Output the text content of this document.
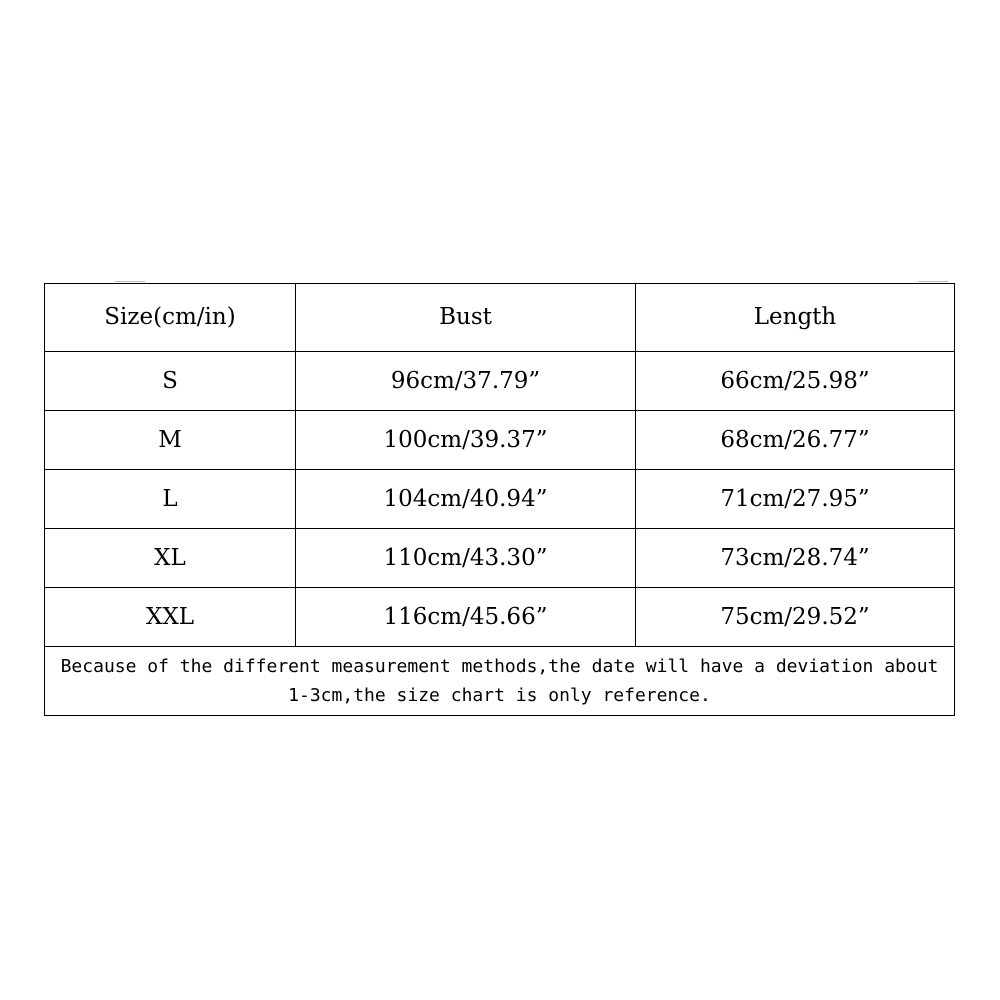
Size(cm/in)	Bust	Length
S	96cm/37.79”	66cm/25.98”
M	100cm/39.37”	68cm/26.77”
L	104cm/40.94”	71cm/27.95”
XL	110cm/43.30”	73cm/28.74”
XXL	116cm/45.66”	75cm/29.52”
Because of the different measurement methods,the date will have a deviation about 1-3cm,the size chart is only reference.		
